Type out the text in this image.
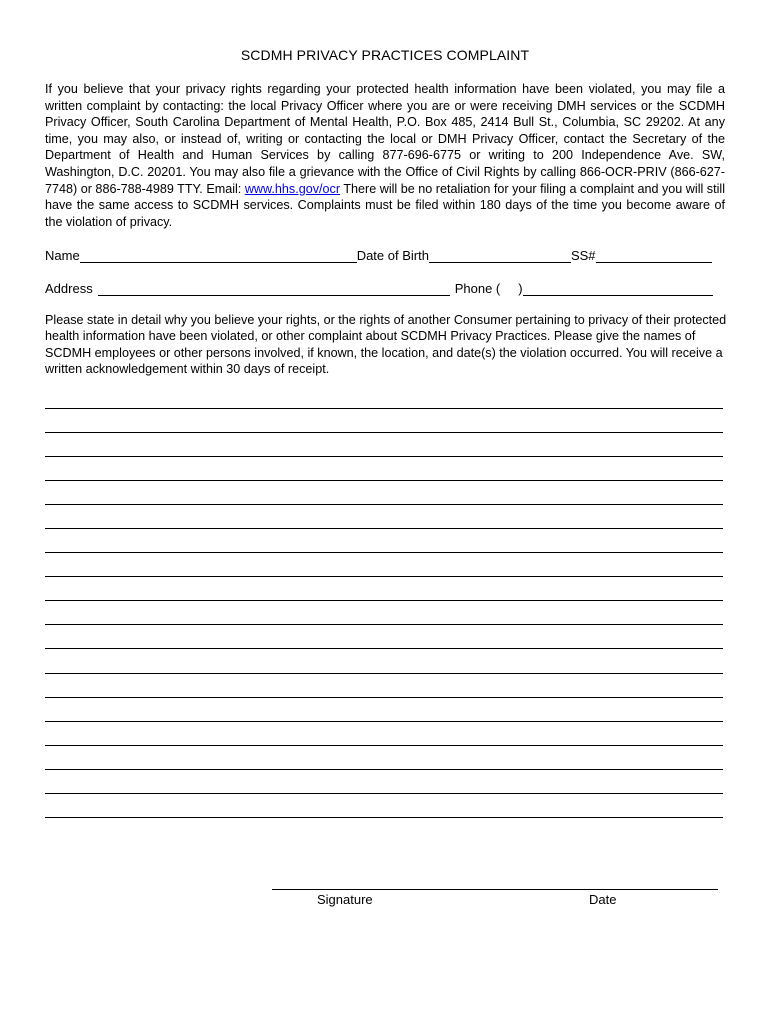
SCDMH PRIVACY PRACTICES COMPLAINT

If you believe that your privacy rights regarding your protected health information have been violated, you may file a written complaint by contacting: the local Privacy Officer where you are or were receiving DMH services or the SCDMH Privacy Officer, South Carolina Department of Mental Health, P.O. Box 485, 2414 Bull St., Columbia, SC 29202. At any time, you may also, or instead of, writing or contacting the local or DMH Privacy Officer, contact the Secretary of the Department of Health and Human Services by calling 877-696-6775 or writing to 200 Independence Ave. SW, Washington, D.C. 20201. You may also file a grievance with the Office of Civil Rights by calling 866-OCR-PRIV (866-627-7748) or 886-788-4989 TTY. Email: www.hhs.gov/ocr There will be no retaliation for your filing a complaint and you will still have the same access to SCDMH services. Complaints must be filed within 180 days of the time you become aware of the violation of privacy.

Name	Date of Birth	SS#
Address	Phone ( )
Please state in detail why you believe your rights, or the rights of another Consumer pertaining to privacy of their protected health information have been violated, or other complaint about SCDMH Privacy Practices. Please give the names of SCDMH employees or other persons involved, if known, the location, and date(s) the violation occurred. You will receive a written acknowledgement within 30 days of receipt.
Signature	Date
